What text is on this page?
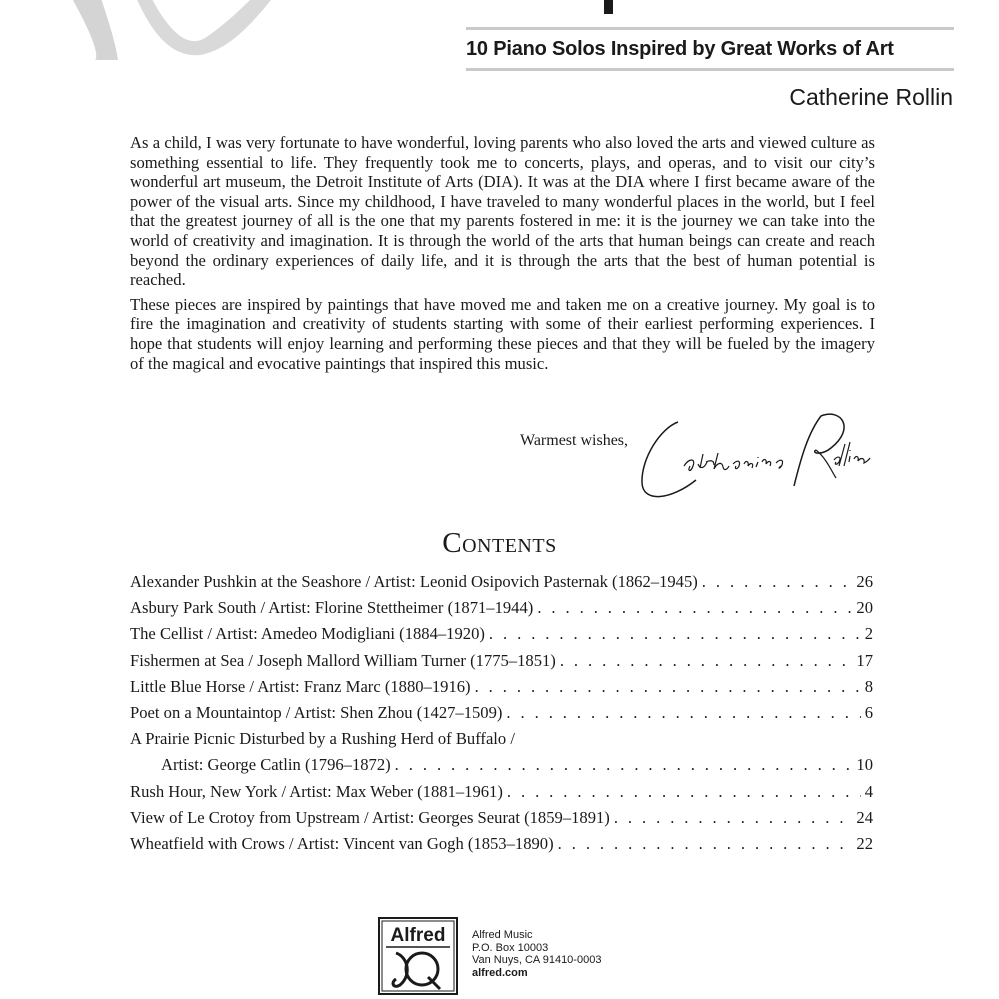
10 Piano Solos Inspired by Great Works of Art
Catherine Rollin

As a child, I was very fortunate to have wonderful, loving parents who also loved the arts and viewed culture as something essential to life. They frequently took me to concerts, plays, and operas, and to visit our city’s wonderful art museum, the Detroit Institute of Arts (DIA). It was at the DIA where I first became aware of the power of the visual arts. Since my childhood, I have traveled to many wonderful places in the world, but I feel that the greatest journey of all is the one that my parents fostered in me: it is the journey we can take into the world of creativity and imagination. It is through the world of the arts that human beings can create and reach beyond the ordinary experiences of daily life, and it is through the arts that the best of human potential is reached.

These pieces are inspired by paintings that have moved me and taken me on a creative journey. My goal is to fire the imagination and creativity of students starting with some of their earliest performing experiences. I hope that students will enjoy learning and performing these pieces and that they will be fueled by the imagery of the magical and evocative paintings that inspired this music.

Warmest wishes,
Contents
Alexander Pushkin at the Seashore / Artist: Leonid Osipovich Pasternak (1862–1945) . . .	26
Asbury Park South / Artist: Florine Stettheimer (1871–1944) . . .	20
The Cellist / Artist: Amedeo Modigliani (1884–1920) . . .	2
Fishermen at Sea / Joseph Mallord William Turner (1775–1851) . . .	17
Little Blue Horse / Artist: Franz Marc (1880–1916) . . .	8
Poet on a Mountaintop / Artist: Shen Zhou (1427–1509) . . .	6
A Prairie Picnic Disturbed by a Rushing Herd of Buffalo /
Artist: George Catlin (1796–1872) . . .	10
Rush Hour, New York / Artist: Max Weber (1881–1961) . . .	4
View of Le Crotoy from Upstream / Artist: Georges Seurat (1859–1891) . . .	24
Wheatfield with Crows / Artist: Vincent van Gogh (1853–1890) . . .	22
Alfred Alfred Music
P.O. Box 10003
Van Nuys, CA 91410-0003
alfred.com
